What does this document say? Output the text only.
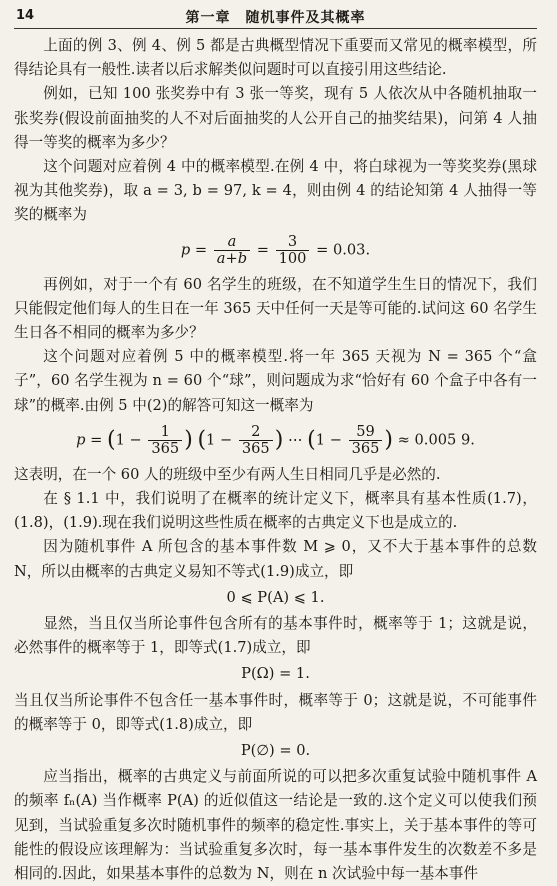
14	第一章　随机事件及其概率

上面的例 3、例 4、例 5 都是古典概型情况下重要而又常见的概率模型，所得结论具有一般性.读者以后求解类似问题时可以直接引用这些结论.

例如，已知 100 张奖券中有 3 张一等奖，现有 5 人依次从中各随机抽取一张奖券(假设前面抽奖的人不对后面抽奖的人公开自己的抽奖结果)，问第 4 人抽得一等奖的概率为多少？

这个问题对应着例 4 中的概率模型.在例 4 中，将白球视为一等奖奖券(黑球视为其他奖券)，取 a = 3, b = 97, k = 4，则由例 4 的结论知第 4 人抽得一等奖的概率为

$p = \frac{a}{a+b} = \frac{3}{100} = 0.03$.

再例如，对于一个有 60 名学生的班级，在不知道学生生日的情况下，我们只能假定他们每人的生日在一年 365 天中任何一天是等可能的.试问这 60 名学生生日各不相同的概率为多少？

这个问题对应着例 5 中的概率模型.将一年 365 天视为 N = 365 个“盒子”，60 名学生视为 n = 60 个“球”，则问题成为求“恰好有 60 个盒子中各有一球”的概率.由例 5 中(2)的解答可知这一概率为

$p = (1 - \frac{1}{365}$ ) ($1 - \frac{2}{365}$ ) ⋯ ($1 - \frac{59}{365}$ ) ≈ 0.005 9.

这表明，在一个 60 人的班级中至少有两人生日相同几乎是必然的.

在 § 1.1 中，我们说明了在概率的统计定义下，概率具有基本性质(1.7)，(1.8)，(1.9).现在我们说明这些性质在概率的古典定义下也是成立的.

因为随机事件 A 所包含的基本事件数 M ⩾ 0，又不大于基本事件的总数 N，所以由概率的古典定义易知不等式(1.9)成立，即

0 ⩽ P(A) ⩽ 1.

显然，当且仅当所论事件包含所有的基本事件时，概率等于 1；这就是说，必然事件的概率等于 1，即等式(1.7)成立，即

P(Ω) = 1.

当且仅当所论事件不包含任一基本事件时，概率等于 0；这就是说，不可能事件的概率等于 0，即等式(1.8)成立，即

P(∅) = 0.

应当指出，概率的古典定义与前面所说的可以把多次重复试验中随机事件 A 的频率 fₙ(A) 当作概率 P(A) 的近似值这一结论是一致的.这个定义可以使我们预见到，当试验重复多次时随机事件的频率的稳定性.事实上，关于基本事件的等可能性的假设应该理解为：当试验重复多次时，每一基本事件发生的次数差不多是相同的.因此，如果基本事件的总数为 N，则在 n 次试验中每一基本事件
